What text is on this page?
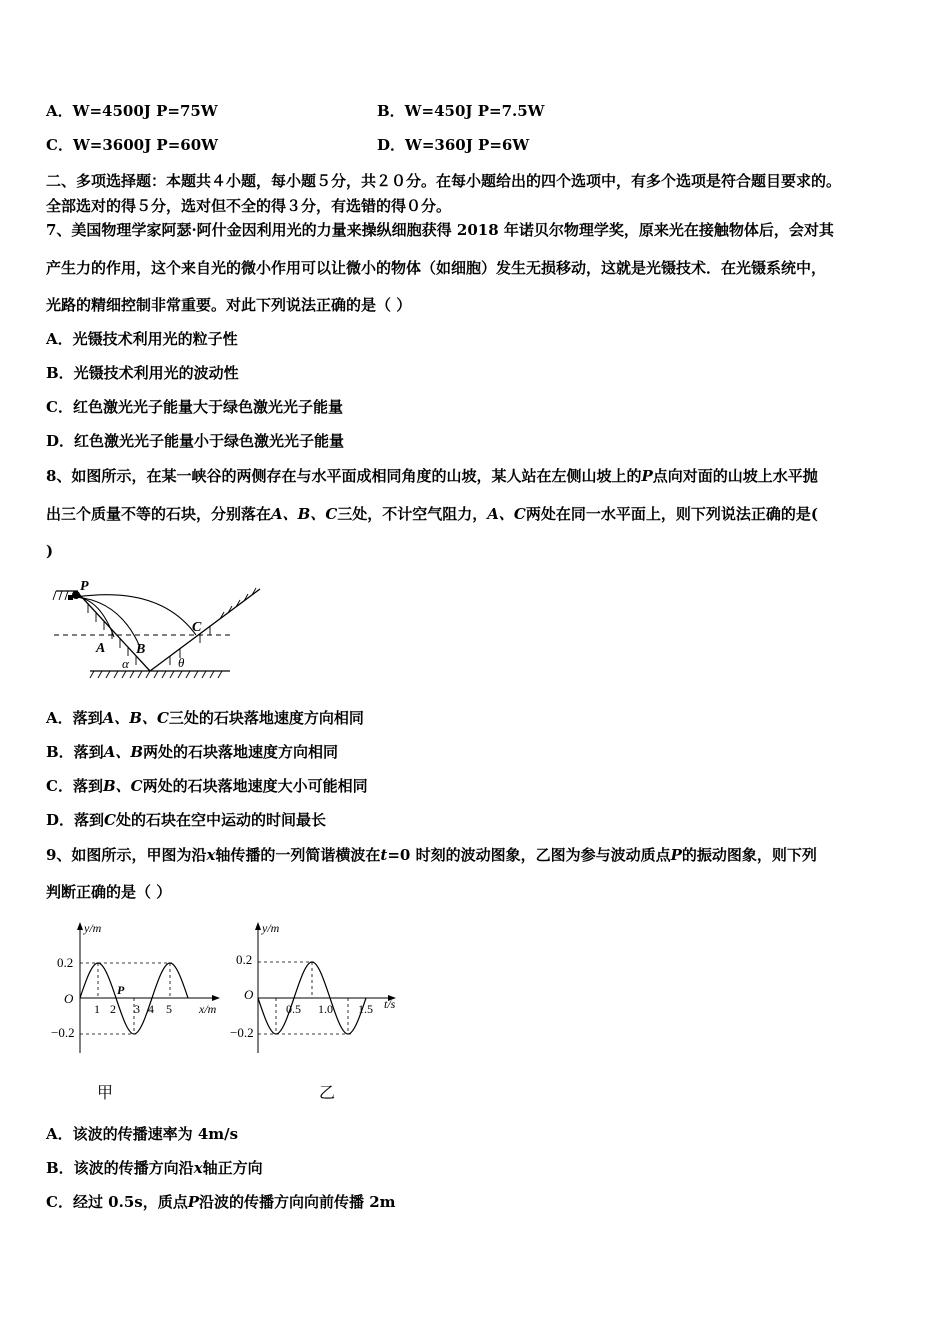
A．W=4500J P=75W	B．W=450J P=7.5W
C．W=3600J P=60W	D．W=360J P=6W
二、多项选择题：本题共４小题，每小题５分，共２０分。在每小题给出的四个选项中，有多个选项是符合题目要求的。
全部选对的得５分，选对但不全的得３分，有选错的得０分。
7、美国物理学家阿瑟·阿什金因利用光的力量来操纵细胞获得 2018 年诺贝尔物理学奖，原来光在接触物体后，会对其
产生力的作用，这个来自光的微小作用可以让微小的物体（如细胞）发生无损移动，这就是光镊技术．在光镊系统中，
光路的精细控制非常重要。对此下列说法正确的是（ ）
A．光镊技术利用光的粒子性
B．光镊技术利用光的波动性
C．红色激光光子能量大于绿色激光光子能量
D．红色激光光子能量小于绿色激光光子能量
8、如图所示，在某一峡谷的两侧存在与水平面成相同角度的山坡，某人站在左侧山坡上的P点向对面的山坡上水平抛
出三个质量不等的石块，分别落在A、B、C三处，不计空气阻力，A、C两处在同一水平面上，则下列说法正确的是(
)
P
A B
C
α	θ
A．落到A、B、C三处的石块落地速度方向相同
B．落到A、B两处的石块落地速度方向相同
C．落到B、C两处的石块落地速度大小可能相同
D．落到C处的石块在空中运动的时间最长
9、如图所示，甲图为沿x轴传播的一列简谐横波在t=0 时刻的波动图象，乙图为参与波动质点P的振动图象，则下列
判断正确的是（ ）
y/m
x/m
O
0.2
−0.2
1 2 3 4 5
P
甲
y/m
t/s
O
0.2
−0.2
0.5 1.0 1.5
乙
A．该波的传播速率为 4m/s
B．该波的传播方向沿x轴正方向
C．经过 0.5s，质点P沿波的传播方向向前传播 2m
